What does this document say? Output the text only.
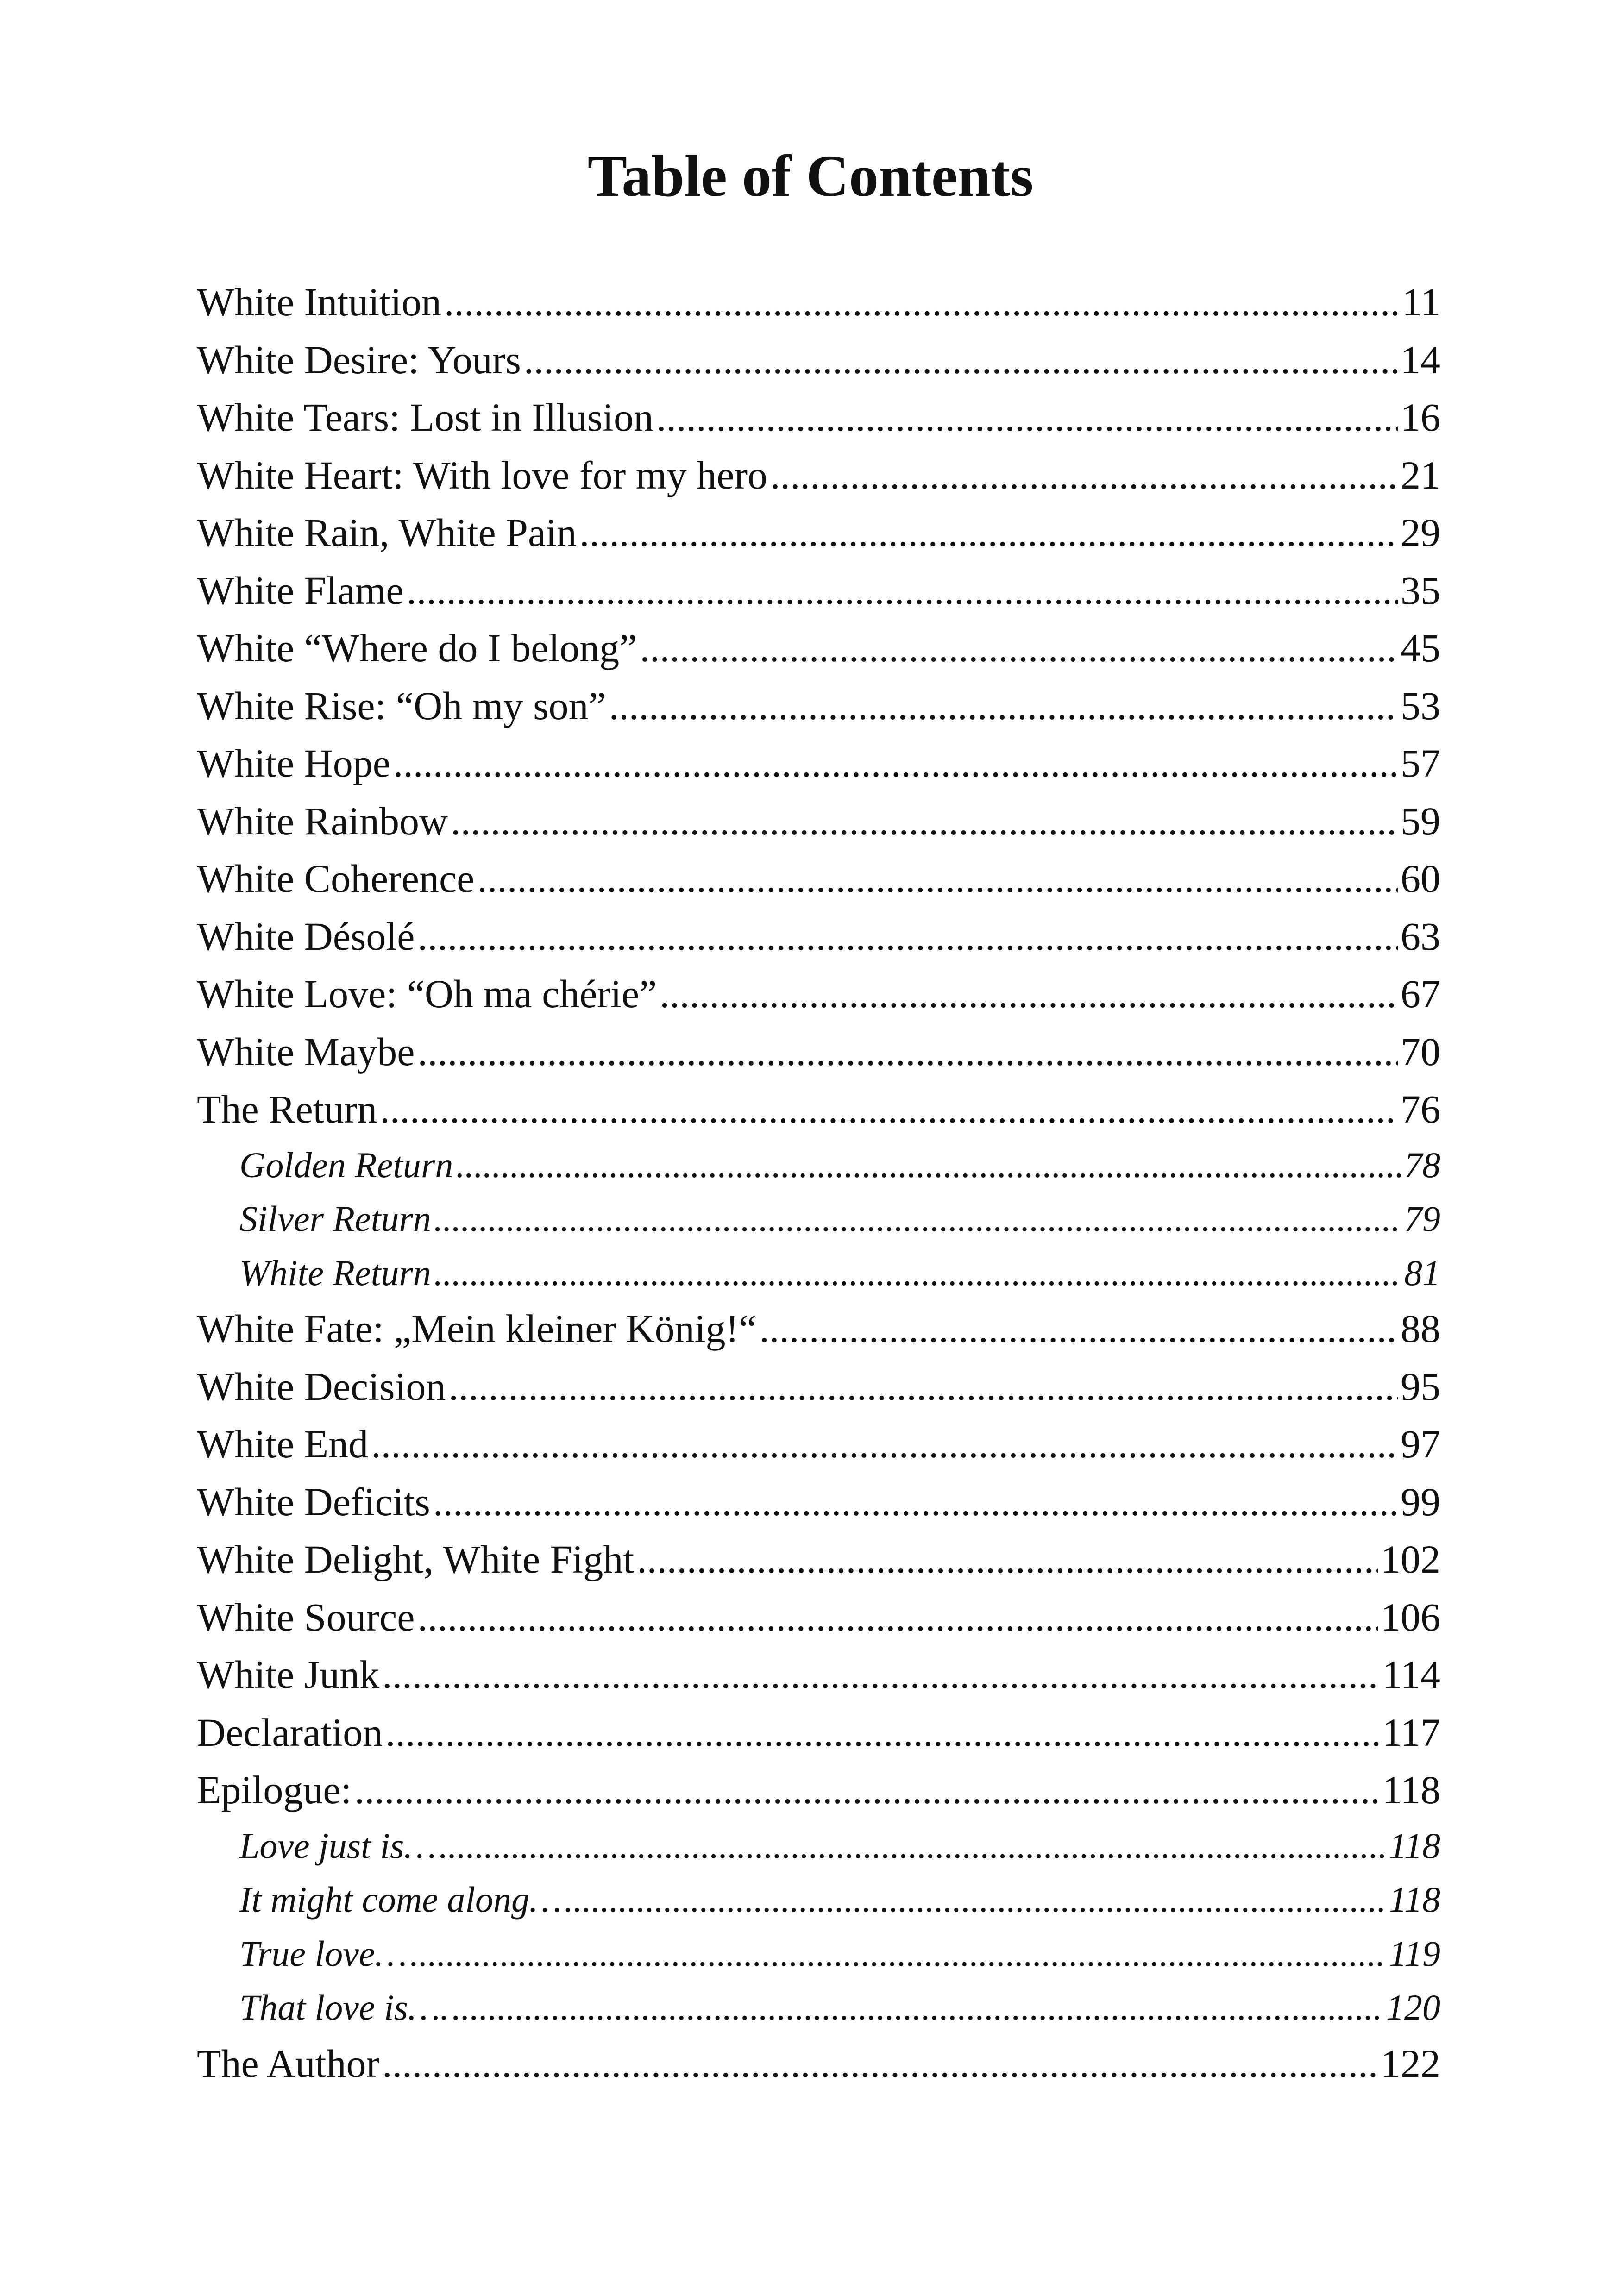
Table of Contents
White Intuition .....	11
White Desire: Yours .....	14
White Tears: Lost in Illusion .....	16
White Heart: With love for my hero .....	21
White Rain, White Pain .....	29
White Flame .....	35
White “Where do I belong” .....	45
White Rise: “Oh my son” .....	53
White Hope .....	57
White Rainbow .....	59
White Coherence .....	60
White Désolé .....	63
White Love: “Oh ma chérie” .....	67
White Maybe .....	70
The Return .....	76
Golden Return .....	78
Silver Return .....	79
White Return .....	81
White Fate: „Mein kleiner König!“ .....	88
White Decision .....	95
White End .....	97
White Deficits .....	99
White Delight, White Fight .....	102
White Source .....	106
White Junk .....	114
Declaration .....	117
Epilogue: .....	118
Love just is… .....	118
It might come along… .....	118
True love… .....	119
That love is…. .....	120
The Author .....	122
